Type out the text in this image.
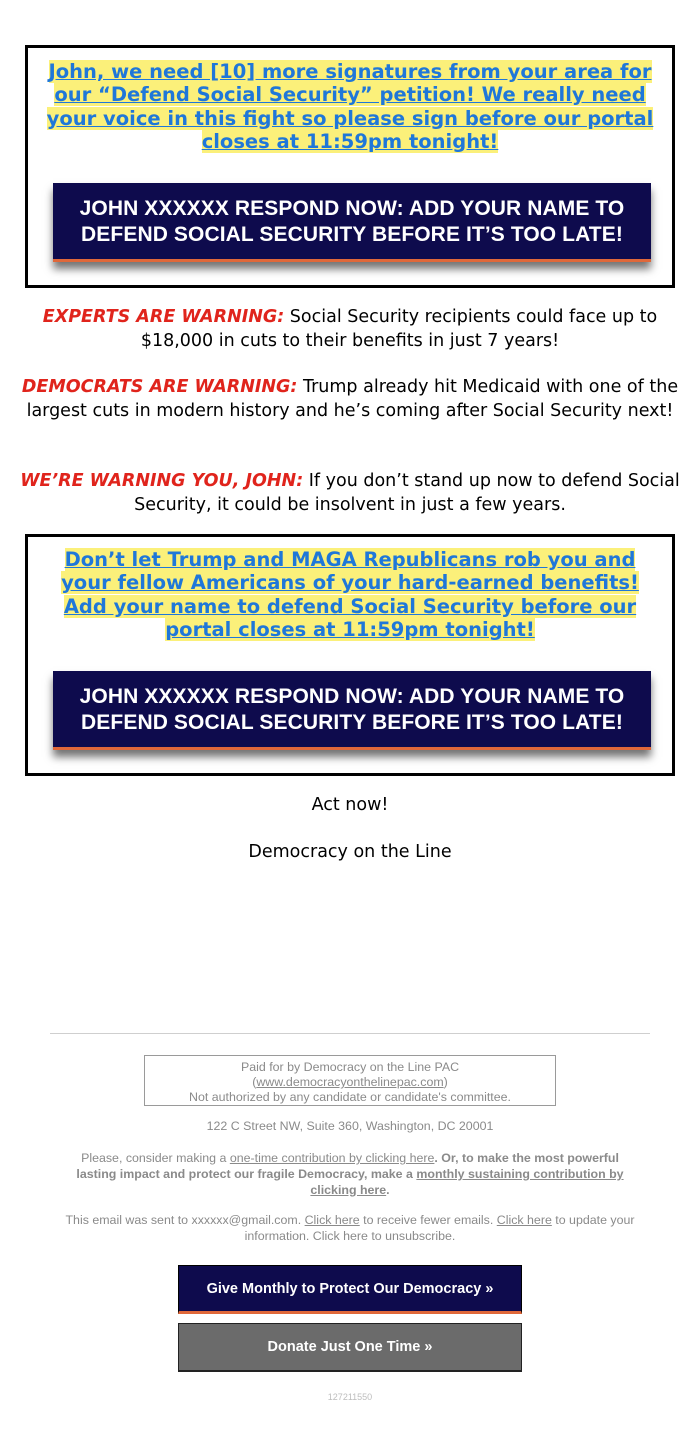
John, we need [10] more signatures from your area for our “Defend Social Security” petition! We really need your voice in this fight so please sign before our portal closes at 11:59pm tonight!
JOHN XXXXXX RESPOND NOW: ADD YOUR NAME TO
DEFEND SOCIAL SECURITY BEFORE IT’S TOO LATE!

EXPERTS ARE WARNING: Social Security recipients could face up to $18,000 in cuts to their benefits in just 7 years!

DEMOCRATS ARE WARNING: Trump already hit Medicaid with one of the largest cuts in modern history and he’s coming after Social Security next!

WE’RE WARNING YOU, JOHN: If you don’t stand up now to defend Social Security, it could be insolvent in just a few years.

Don’t let Trump and MAGA Republicans rob you and your fellow Americans of your hard-earned benefits! Add your name to defend Social Security before our portal closes at 11:59pm tonight!
JOHN XXXXXX RESPOND NOW: ADD YOUR NAME TO
DEFEND SOCIAL SECURITY BEFORE IT’S TOO LATE!

Act now!

Democracy on the Line

Paid for by Democracy on the Line PAC
(www.democracyonthelinepac.com)
Not authorized by any candidate or candidate's committee.

122 C Street NW, Suite 360, Washington, DC 20001

Please, consider making a one-time contribution by clicking here. Or, to make the most powerful lasting impact and protect our fragile Democracy, make a monthly sustaining contribution by clicking here.

This email was sent to xxxxxx@gmail.com. Click here to receive fewer emails. Click here to update your information. Click here to unsubscribe.

Give Monthly to Protect Our Democracy »
Donate Just One Time »

127211550
